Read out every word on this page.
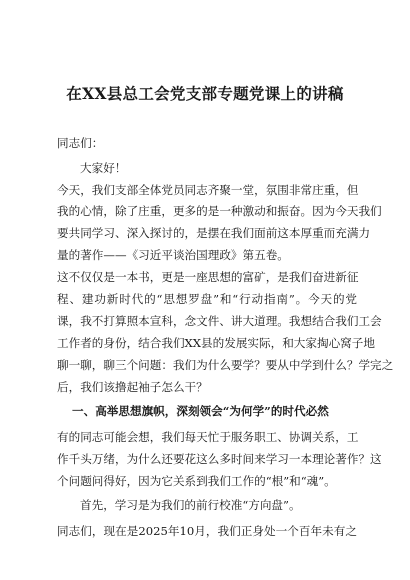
在XX县总工会党支部专题党课上的讲稿
同志们：
大家好！
今天，我们支部全体党员同志齐聚一堂，氛围非常庄重，但
我的心情，除了庄重，更多的是一种激动和振奋。因为今天我们
要共同学习、深入探讨的，是摆在我们面前这本厚重而充满力
量的著作——《习近平谈治国理政》第五卷。
这不仅仅是一本书，更是一座思想的富矿，是我们奋进新征
程、建功新时代的“思想罗盘”和“行动指南”。今天的党
课，我不打算照本宣科，念文件、讲大道理。我想结合我们工会
工作者的身份，结合我们XX县的发展实际，和大家掏心窝子地
聊一聊，聊三个问题：我们为什么要学？要从中学到什么？学完之
后，我们该撸起袖子怎么干？
一、高举思想旗帜，深刻领会“为何学”的时代必然
有的同志可能会想，我们每天忙于服务职工、协调关系，工
作千头万绪，为什么还要花这么多时间来学习一本理论著作？这
个问题问得好，因为它关系到我们工作的“根”和“魂”。
首先，学习是为我们的前行校准“方向盘”。
同志们，现在是2025年10月，我们正身处一个百年未有之
